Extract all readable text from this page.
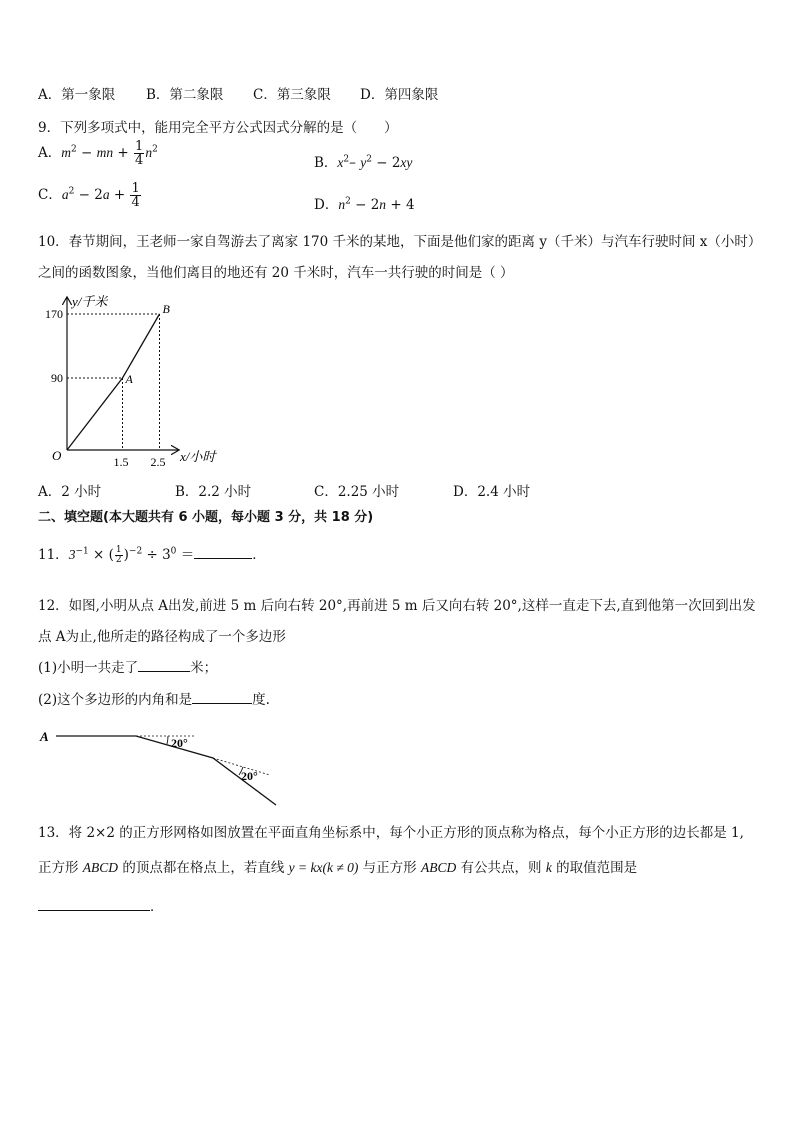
A．第一象限 B．第二象限 C．第三象限 D．第四象限
9．下列多项式中，能用完全平方公式因式分解的是（　　）
A．$m^2$ − mn + $\frac{1}{4} n^2$
B．$x^2-$ $y^2 - 2xy$
C．$a^2 - 2a + \frac{1}{4}$	D．$n^2 - 2n + 4$
10．春节期间，王老师一家自驾游去了离家 170 千米的某地，下面是他们家的距离 y（千米）与汽车行驶时间 x（小时）
之间的函数图象，当他们离目的地还有 20 千米时，汽车一共行驶的时间是（ ）
A
B
1.5 2.5
90
170
y/千米
x/小时
O
A．2 小时	B．2.2 小时	C．2.25 小时	D．2.4 小时
二、填空题(本大题共有 6 小题，每小题 3 分，共 18 分)
11．$3^{-1}$ × ( $\frac{1}{2} )^{-2} \div 3^0$ ＝	．
12．如图,小明从点 A出发,前进 5 m 后向右转 20°,再前进 5 m 后又向右转 20°,这样一直走下去,直到他第一次回到出发
点 A为止,他所走的路径构成了一个多边形
(1)小明一共走了	米；
(2)这个多边形的内角和是	度.
A	20°
20°
13．将 2×2 的正方形网格如图放置在平面直角坐标系中，每个小正方形的顶点称为格点，每个小正方形的边长都是 1,
正方形 ABCD 的顶点都在格点上，若直线 y = kx(k ≠ 0) 与正方形 ABCD 有公共点，则 k 的取值范围是
．
